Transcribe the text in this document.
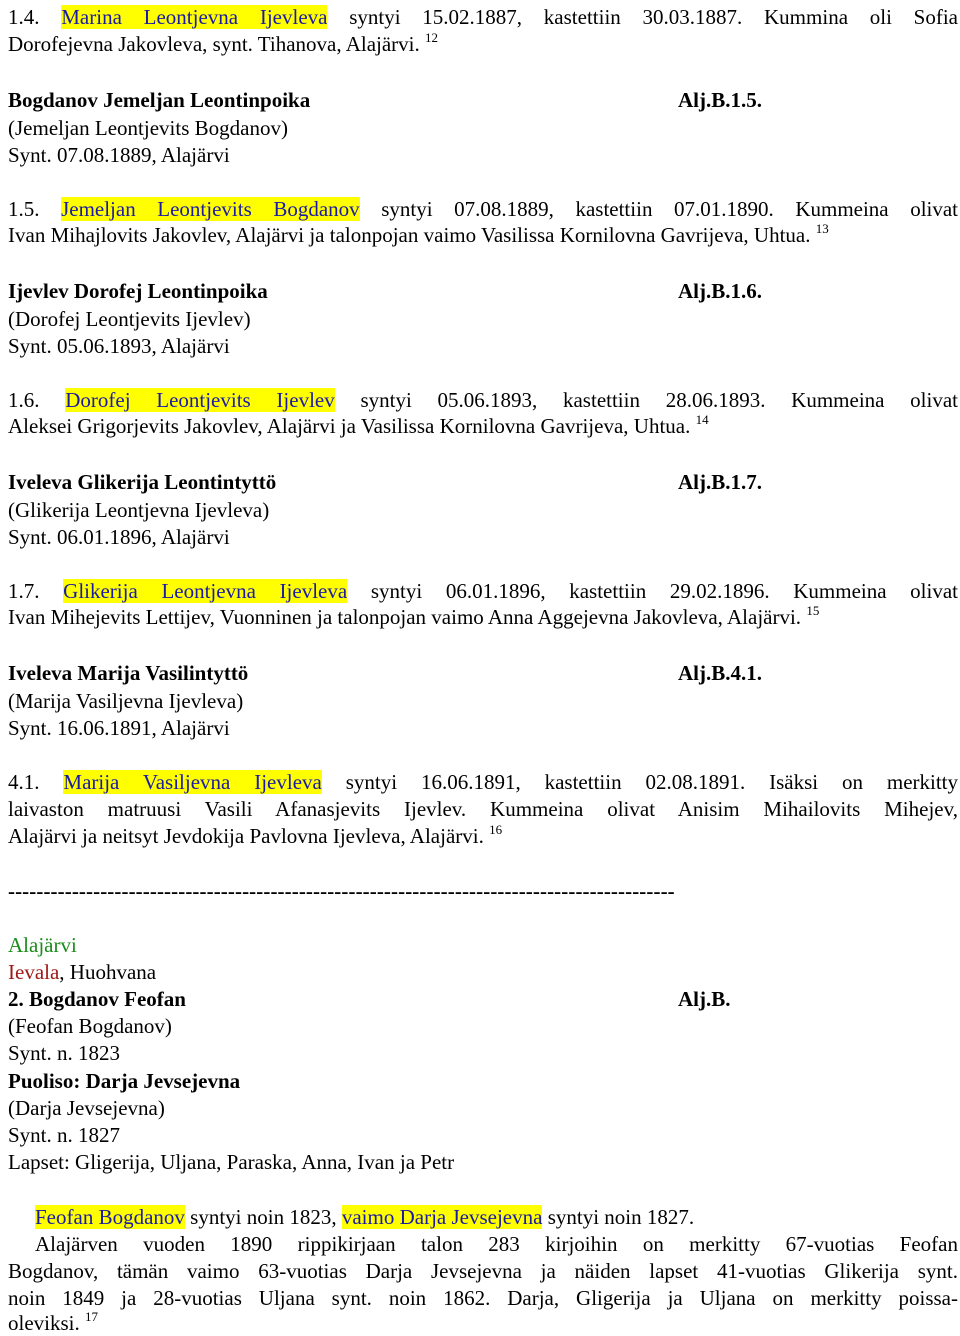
1.4. Marina Leontjevna Ijevleva syntyi 15.02.1887, kastettiin 30.03.1887. Kummina oli Sofia
Dorofejevna Jakovleva, synt. Tihanova, Alajärvi. $^{12}$
Bogdanov Jemeljan Leontinpoika	Alj.B.1.5.
(Jemeljan Leontjevits Bogdanov)
Synt. 07.08.1889, Alajärvi
1.5. Jemeljan Leontjevits Bogdanov syntyi 07.08.1889, kastettiin 07.01.1890. Kummeina olivat
Ivan Mihajlovits Jakovlev, Alajärvi ja talonpojan vaimo Vasilissa Kornilovna Gavrijeva, Uhtua. $^{13}$
Ijevlev Dorofej Leontinpoika	Alj.B.1.6.
(Dorofej Leontjevits Ijevlev)
Synt. 05.06.1893, Alajärvi
1.6. Dorofej Leontjevits Ijevlev syntyi 05.06.1893, kastettiin 28.06.1893. Kummeina olivat
Aleksei Grigorjevits Jakovlev, Alajärvi ja Vasilissa Kornilovna Gavrijeva, Uhtua. $^{14}$
Iveleva Glikerija Leontintyttö	Alj.B.1.7.
(Glikerija Leontjevna Ijevleva)
Synt. 06.01.1896, Alajärvi
1.7. Glikerija Leontjevna Ijevleva syntyi 06.01.1896, kastettiin 29.02.1896. Kummeina olivat
Ivan Mihejevits Lettijev, Vuonninen ja talonpojan vaimo Anna Aggejevna Jakovleva, Alajärvi. $^{15}$
Iveleva Marija Vasilintyttö	Alj.B.4.1.
(Marija Vasiljevna Ijevleva)
Synt. 16.06.1891, Alajärvi
4.1. Marija Vasiljevna Ijevleva syntyi 16.06.1891, kastettiin 02.08.1891. Isäksi on merkitty
laivaston matruusi Vasili Afanasjevits Ijevlev. Kummeina olivat Anisim Mihailovits Mihejev,
Alajärvi ja neitsyt Jevdokija Pavlovna Ijevleva, Alajärvi. $^{16}$
----------------------------------------------------------------------------------------------
Alajärvi
Ievala, Huohvana
2. Bogdanov Feofan	Alj.B.
(Feofan Bogdanov)
Synt. n. 1823
Puoliso: Darja Jevsejevna
(Darja Jevsejevna)
Synt. n. 1827
Lapset: Gligerija, Uljana, Paraska, Anna, Ivan ja Petr
Feofan Bogdanov syntyi noin 1823, vaimo Darja Jevsejevna syntyi noin 1827.
Alajärven vuoden 1890 rippikirjaan talon 283 kirjoihin on merkitty 67-vuotias Feofan
Bogdanov, tämän vaimo 63-vuotias Darja Jevsejevna ja näiden lapset 41-vuotias Glikerija synt.
noin 1849 ja 28-vuotias Uljana synt. noin 1862. Darja, Gligerija ja Uljana on merkitty poissa-
oleviksi. $^{17}$
